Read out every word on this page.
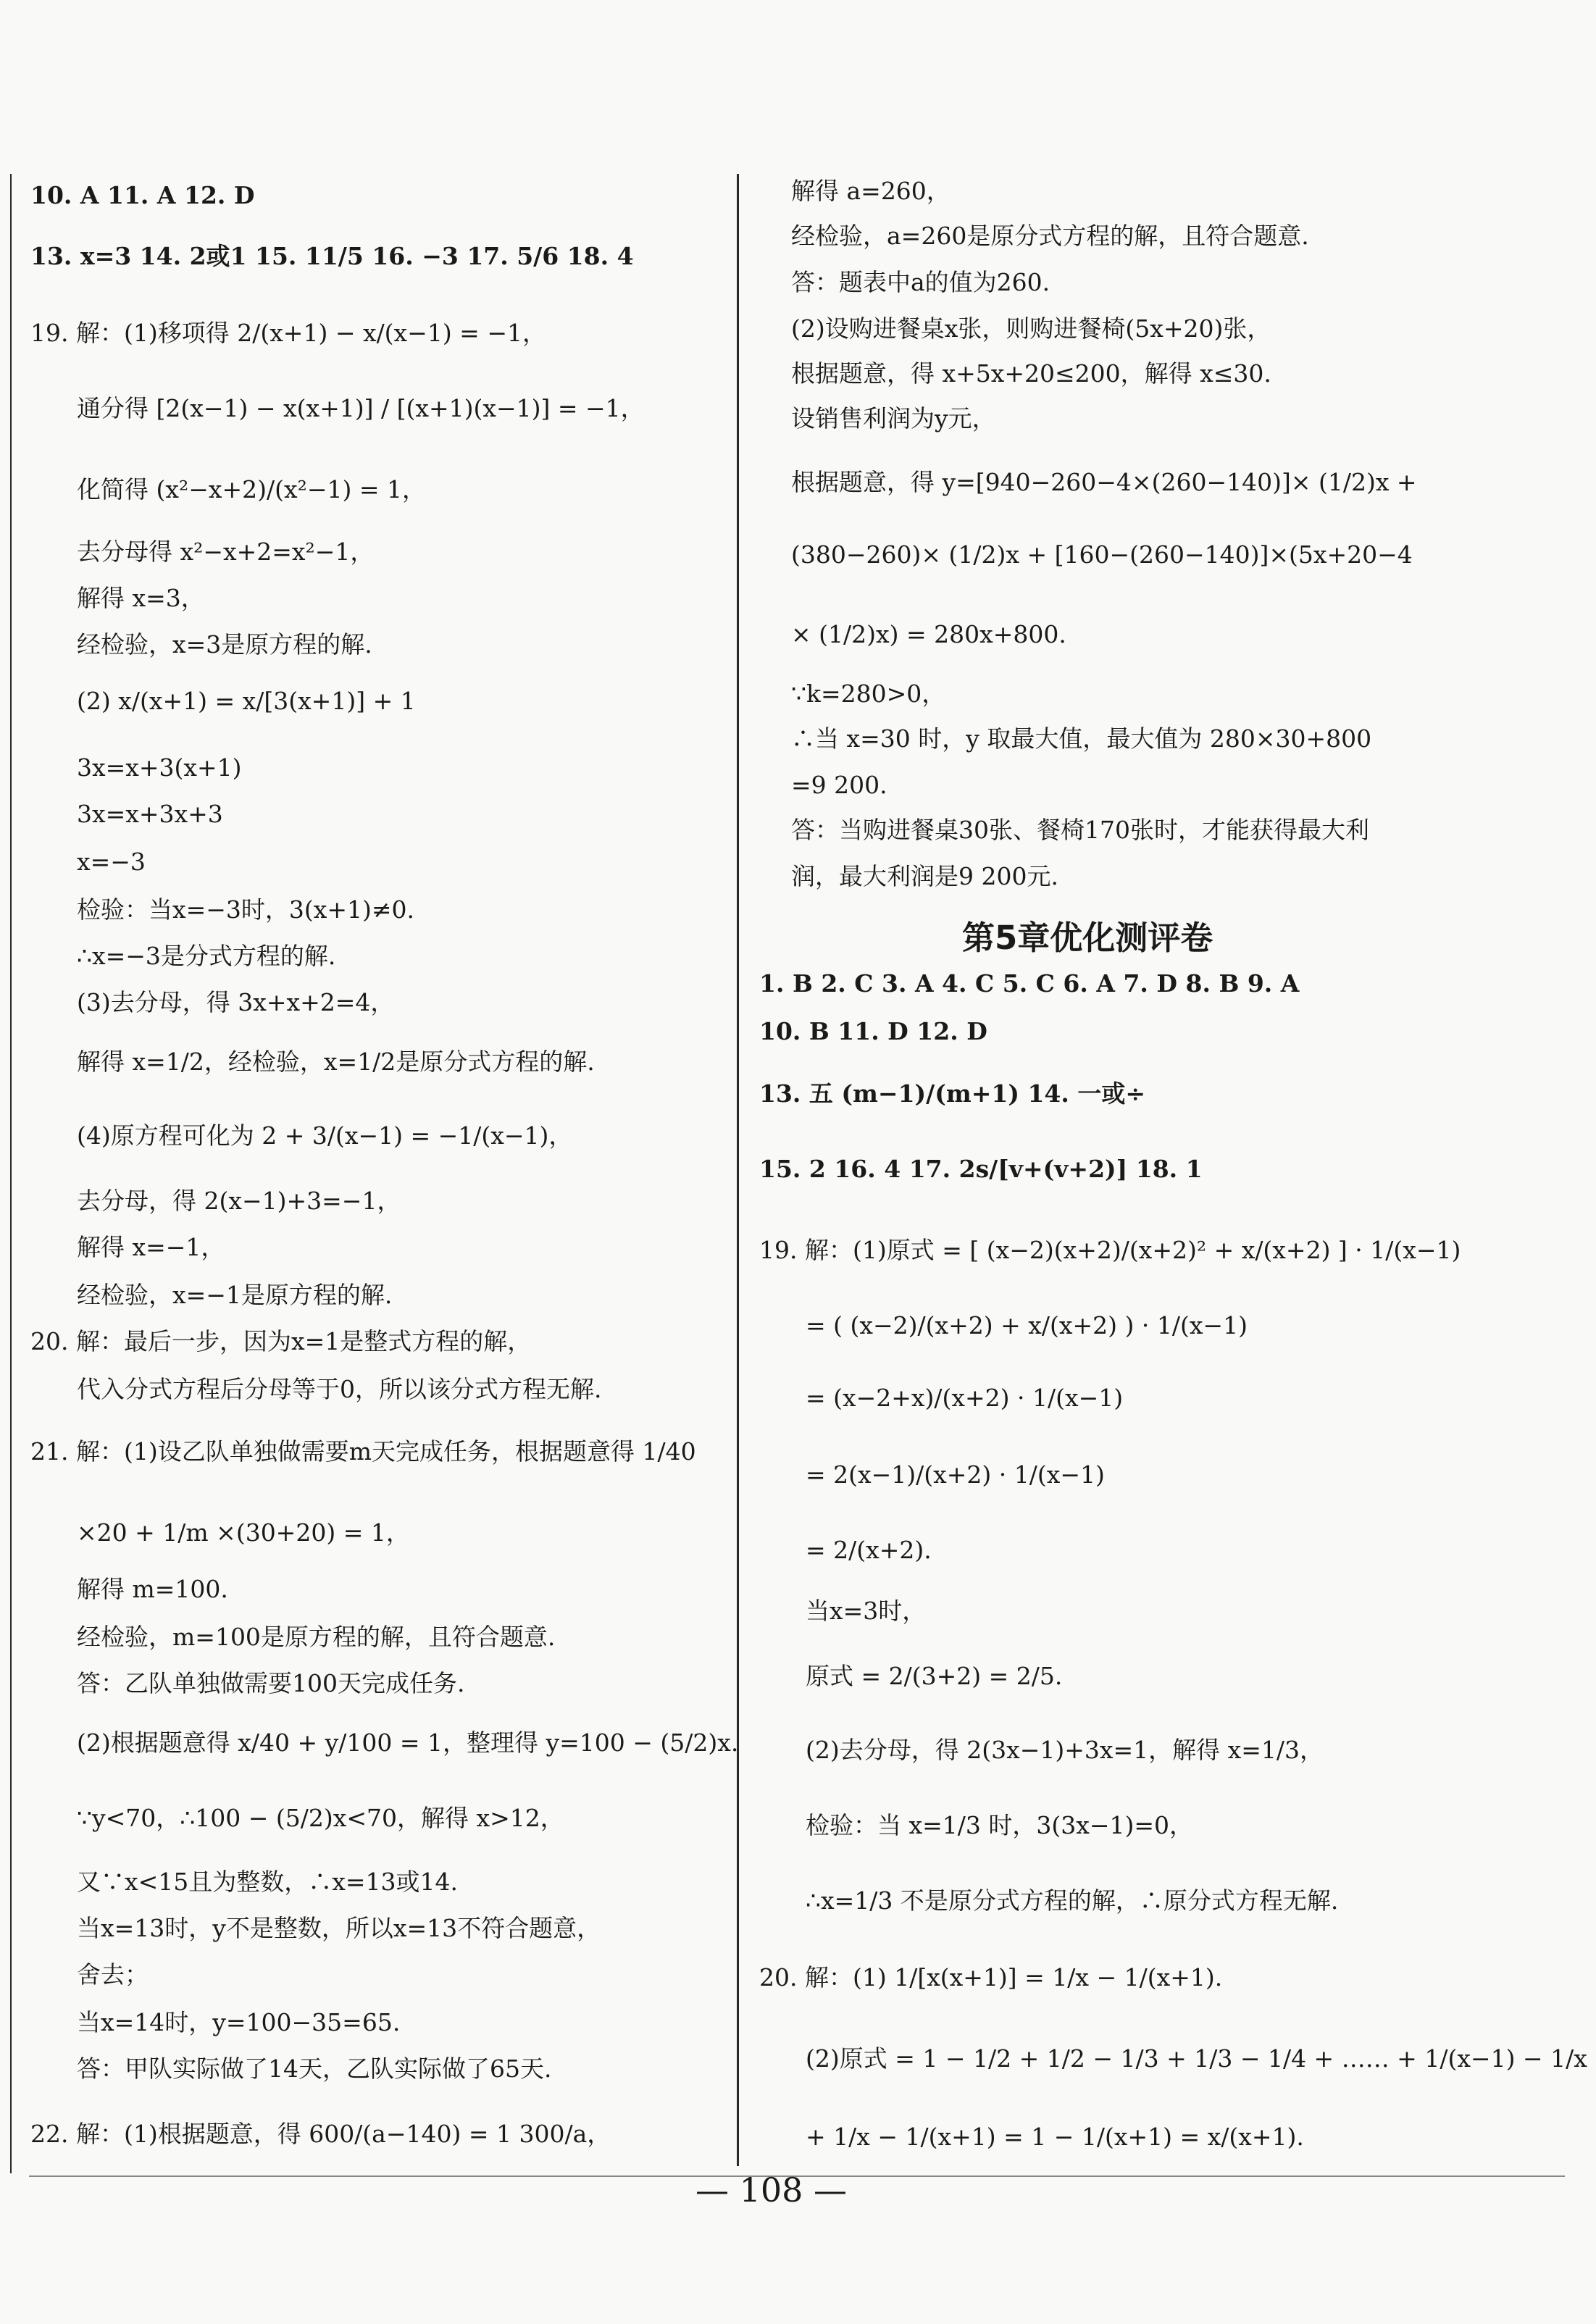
10. A 11. A 12. D
13. x=3 14. 2或1 15. 11/5 16. −3 17. 5/6 18. 4
19. 解：(1)移项得 2/(x+1) − x/(x−1) = −1，
通分得 [2(x−1) − x(x+1)] / [(x+1)(x−1)] = −1，
化简得 (x²−x+2)/(x²−1) = 1，
去分母得 x²−x+2=x²−1，
解得 x=3，
经检验，x=3是原方程的解.
(2) x/(x+1) = x/[3(x+1)] + 1
3x=x+3(x+1)
3x=x+3x+3
x=−3
检验：当x=−3时，3(x+1)≠0.
∴x=−3是分式方程的解.
(3)去分母，得 3x+x+2=4，
解得 x=1/2，经检验，x=1/2是原分式方程的解.
(4)原方程可化为 2 + 3/(x−1) = −1/(x−1)，
去分母，得 2(x−1)+3=−1，
解得 x=−1，
经检验，x=−1是原方程的解.
20. 解：最后一步，因为x=1是整式方程的解，
代入分式方程后分母等于0，所以该分式方程无解.
21. 解：(1)设乙队单独做需要m天完成任务，根据题意得 1/40
×20 + 1/m ×(30+20) = 1，
解得 m=100.
经检验，m=100是原方程的解，且符合题意.
答：乙队单独做需要100天完成任务.
(2)根据题意得 x/40 + y/100 = 1，整理得 y=100 − (5/2)x.
∵y<70，∴100 − (5/2)x<70，解得 x>12，
又∵x<15且为整数，∴x=13或14.
当x=13时，y不是整数，所以x=13不符合题意，
舍去；
当x=14时，y=100−35=65.
答：甲队实际做了14天，乙队实际做了65天.
22. 解：(1)根据题意，得 600/(a−140) = 1 300/a，
解得 a=260，
经检验，a=260是原分式方程的解，且符合题意.
答：题表中a的值为260.
(2)设购进餐桌x张，则购进餐椅(5x+20)张，
根据题意，得 x+5x+20≤200，解得 x≤30.
设销售利润为y元，
根据题意，得 y=[940−260−4×(260−140)]× (1/2)x +
(380−260)× (1/2)x + [160−(260−140)]×(5x+20−4
× (1/2)x) = 280x+800.
∵k=280>0，
∴当 x=30 时，y 取最大值，最大值为 280×30+800
=9 200.
答：当购进餐桌30张、餐椅170张时，才能获得最大利
润，最大利润是9 200元.
1. B 2. C 3. A 4. C 5. C 6. A 7. D 8. B 9. A
10. B 11. D 12. D
13. 五 (m−1)/(m+1) 14. 一或÷
15. 2 16. 4 17. 2s/[v+(v+2)] 18. 1
19. 解：(1)原式 = [ (x−2)(x+2)/(x+2)² + x/(x+2) ] · 1/(x−1)
= ( (x−2)/(x+2) + x/(x+2) ) · 1/(x−1)
= (x−2+x)/(x+2) · 1/(x−1)
= 2(x−1)/(x+2) · 1/(x−1)
= 2/(x+2).
当x=3时，
原式 = 2/(3+2) = 2/5.
(2)去分母，得 2(3x−1)+3x=1，解得 x=1/3，
检验：当 x=1/3 时，3(3x−1)=0，
∴x=1/3 不是原分式方程的解，∴原分式方程无解.
20. 解：(1) 1/[x(x+1)] = 1/x − 1/(x+1).
(2)原式 = 1 − 1/2 + 1/2 − 1/3 + 1/3 − 1/4 + …… + 1/(x−1) − 1/x
+ 1/x − 1/(x+1) = 1 − 1/(x+1) = x/(x+1).
第5章优化测评卷
— 108 —
